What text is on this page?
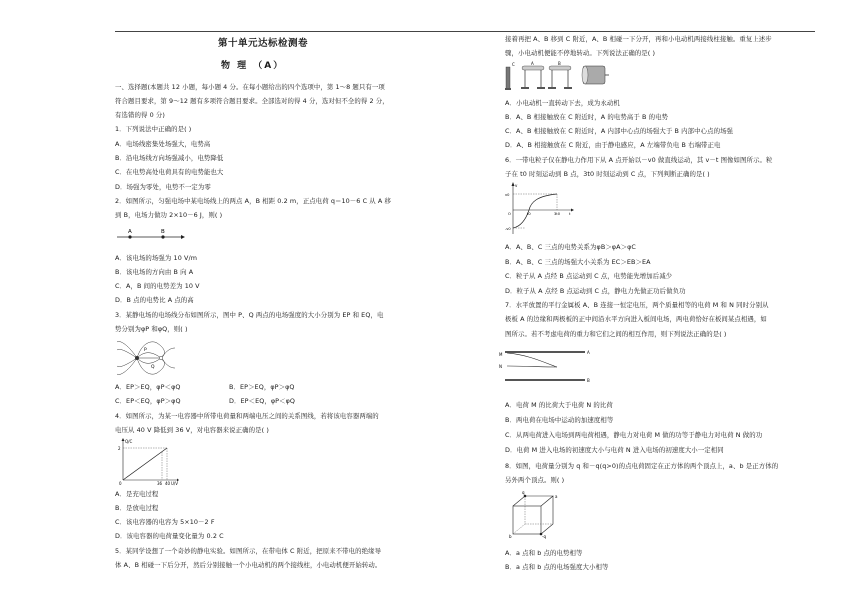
第十单元达标检测卷
物 理 （A）
一、选择题(本题共 12 小题，每小题 4 分。在每小题给出的四个选项中，第 1～8 题只有一项
符合题目要求，第 9～12 题有多项符合题目要求。全部选对的得 4 分，选对但不全的得 2 分，
有选错的得 0 分)
1．下列说法中正确的是( )
A．电场线密集处场强大，电势高
B．沿电场线方向场强减小，电势降低
C．在电势高处电荷具有的电势能也大
D．场强为零处，电势不一定为零
2．如图所示，匀强电场中某电场线上的两点 A，B 相距 0.2 m，正点电荷 q＝10－6 C 从 A 移
到 B，电场力做功 2×10－6 J，则( )
A	B
A．该电场的场强为 10 V/m
B．该电场的方向由 B 向 A
C．A，B 间的电势差为 10 V
D．B 点的电势比 A 点的高
3．某静电场的电场线分布如图所示，图中 P、Q 两点的电场强度的大小分别为 EP 和 EQ，电
势分别为φP 和φQ，则( )
P
Q
A．EP＞EQ，φP＜φQ	B．EP＞EQ，φP＞φQ
C．EP＜EQ，φP＞φQ	D．EP＜EQ，φP＜φQ
4．如图所示，为某一电容器中所带电荷量和两端电压之间的关系图线，若将该电容器两端的
电压从 40 V 降低到 36 V，对电容器来说正确的是( )
Q/C
2
0	36 40 U/V
A．是充电过程
B．是放电过程
C．该电容器的电容为 5×10－2 F
D．该电容器的电荷量变化量为 0.2 C
5．某同学设想了一个奇妙的静电实验。如图所示，在带电体 C 附近，把原来不带电的绝缘导
体 A、B 相碰一下后分开，然后分别接触一个小电动机的两个接线柱，小电动机便开始转动。
接着再把 A、B 移到 C 附近，A、B 相碰一下分开，再和小电动机两接线柱接触。重复上述步
骤，小电动机便能不停地转动。下列说法正确的是( )
C	A	B
A．小电动机一直转动下去，成为永动机
B．A、B 相接触放在 C 附近时，A 的电势高于 B 的电势
C．A、B 相接触放在 C 附近时，A 内部中心点的场强大于 B 内部中心点的场强
D．A、B 相接触放在 C 附近，由于静电感应，A 左端带负电 B 右端带正电
6．一带电粒子仅在静电力作用下从 A 点开始以－v0 做直线运动，其 v－t 图像如图所示。粒
子在 t0 时刻运动到 B 点，3t0 时刻运动到 C 点，下列判断正确的是( )
v
v0
-v0
O	t0	3t0	t
A．A、B、C 三点的电势关系为φB＞φA＞φC
B．A、B、C 三点的场强大小关系为 EC＞EB＞EA
C．粒子从 A 点经 B 点运动到 C 点，电势能先增加后减少
D．粒子从 A 点经 B 点运动到 C 点，静电力先做正功后做负功
7．水平放置的平行金属板 A、B 连接一恒定电压，两个质量相等的电荷 M 和 N 同时分别从
极板 A 的边缘和两极板的正中间沿水平方向进入板间电场，两电荷恰好在板间某点相遇，如
图所示。若不考虑电荷的重力和它们之间的相互作用，则下列说法正确的是( )
A
B
M
N
A．电荷 M 的比荷大于电荷 N 的比荷
B．两电荷在电场中运动的加速度相等
C．从两电荷进入电场到两电荷相遇，静电力对电荷 M 做的功等于静电力对电荷 N 做的功
D．电荷 M 进入电场的初速度大小与电荷 N 进入电场的初速度大小一定相同
8．如图，电荷量分别为 q 和－q(q>0)的点电荷固定在正方体的两个顶点上，a、b 是正方体的
另外两个顶点。则( )
q
-q
a
b
A．a 点和 b 点的电势相等
B．a 点和 b 点的电场强度大小相等
